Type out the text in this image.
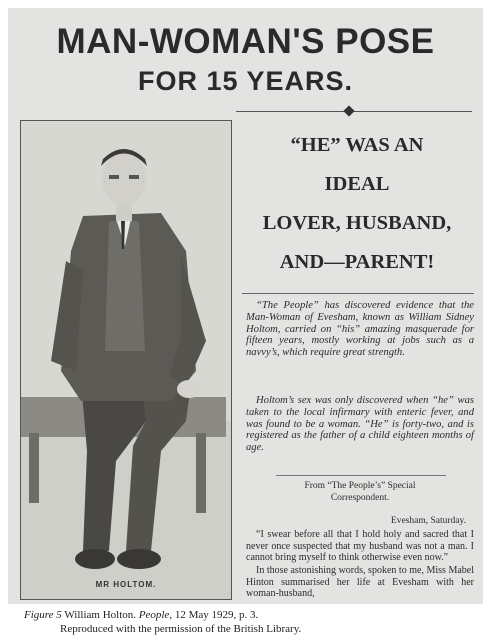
MAN-WOMAN'S POSE
FOR 15 YEARS.
MR HOLTOM.
“HE” WAS AN
IDEAL
LOVER, HUSBAND,
AND—PARENT!
“The People” has discovered evidence that the Man-Woman of Evesham, known as William Sidney Holtom, carried on “his” amazing masquerade for fifteen years, mostly working at jobs such as a navvy’s, which require great strength.
Holtom’s sex was only discovered when “he” was taken to the local infirmary with enteric fever, and was found to be a woman. “He” is forty-two, and is registered as the father of a child eighteen months of age.
From “The People’s” Special
Correspondent.
Evesham, Saturday.
“I swear before all that I hold holy and sacred that I never once suspected that my husband was not a man. I cannot bring myself to think otherwise even now.”
In those astonishing words, spoken to me, Miss Mabel Hinton summarised her life at Evesham with her woman-husband,
Figure 5 William Holton. People, 12 May 1929, p. 3.
Reproduced with the permission of the British Library.
